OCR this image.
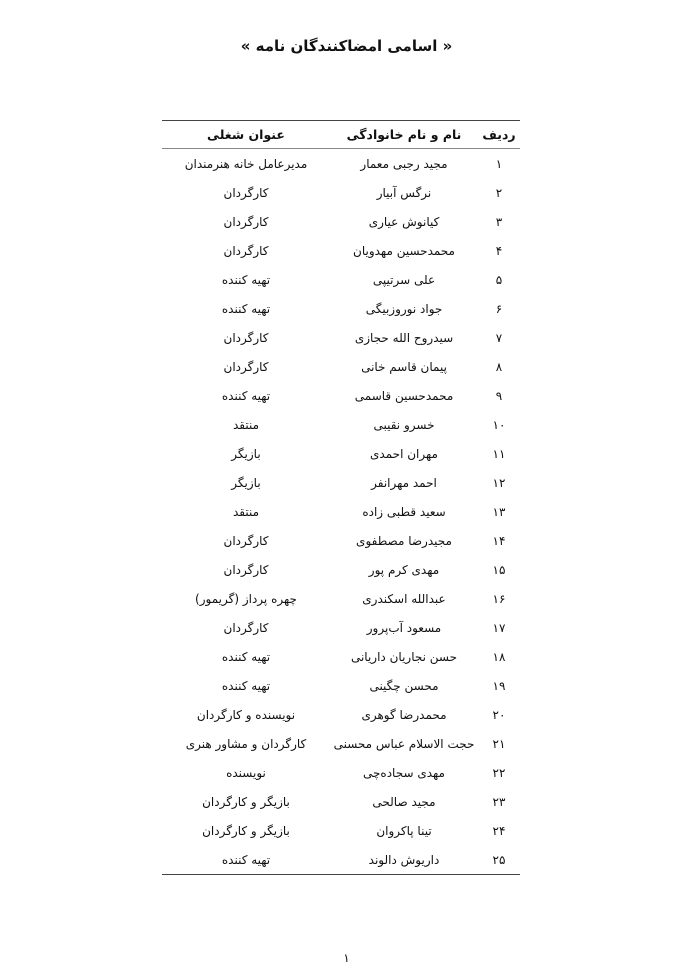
« اسامی امضاکنندگان نامه »
ردیف	نام و نام خانوادگی	عنوان شغلی
۱	مجید رجبی معمار	مدیرعامل خانه هنرمندان
۲	نرگس آبیار	کارگردان
۳	کیانوش عیاری	کارگردان
۴	محمدحسین مهدویان	کارگردان
۵	علی سرتیپی	تهیه کننده
۶	جواد نوروزبیگی	تهیه کننده
۷	سیدروح الله حجازی	کارگردان
۸	پیمان قاسم خانی	کارگردان
۹	محمدحسین قاسمی	تهیه کننده
۱۰	خسرو نقیبی	منتقد
۱۱	مهران احمدی	بازیگر
۱۲	احمد مهرانفر	بازیگر
۱۳	سعید قطبی زاده	منتقد
۱۴	مجیدرضا مصطفوی	کارگردان
۱۵	مهدی کرم پور	کارگردان
۱۶	عبدالله اسکندری	چهره پرداز (گریمور)
۱۷	مسعود آب‌پرور	کارگردان
۱۸	حسن نجاریان داریانی	تهیه کننده
۱۹	محسن چگینی	تهیه کننده
۲۰	محمدرضا گوهری	نویسنده و کارگردان
۲۱	حجت الاسلام عباس محسنی	کارگردان و مشاور هنری
۲۲	مهدی سجاده‌چی	نویسنده
۲۳	مجید صالحی	بازیگر و کارگردان
۲۴	تینا پاکروان	بازیگر و کارگردان
۲۵	داریوش دالوند	تهیه کننده
۱
